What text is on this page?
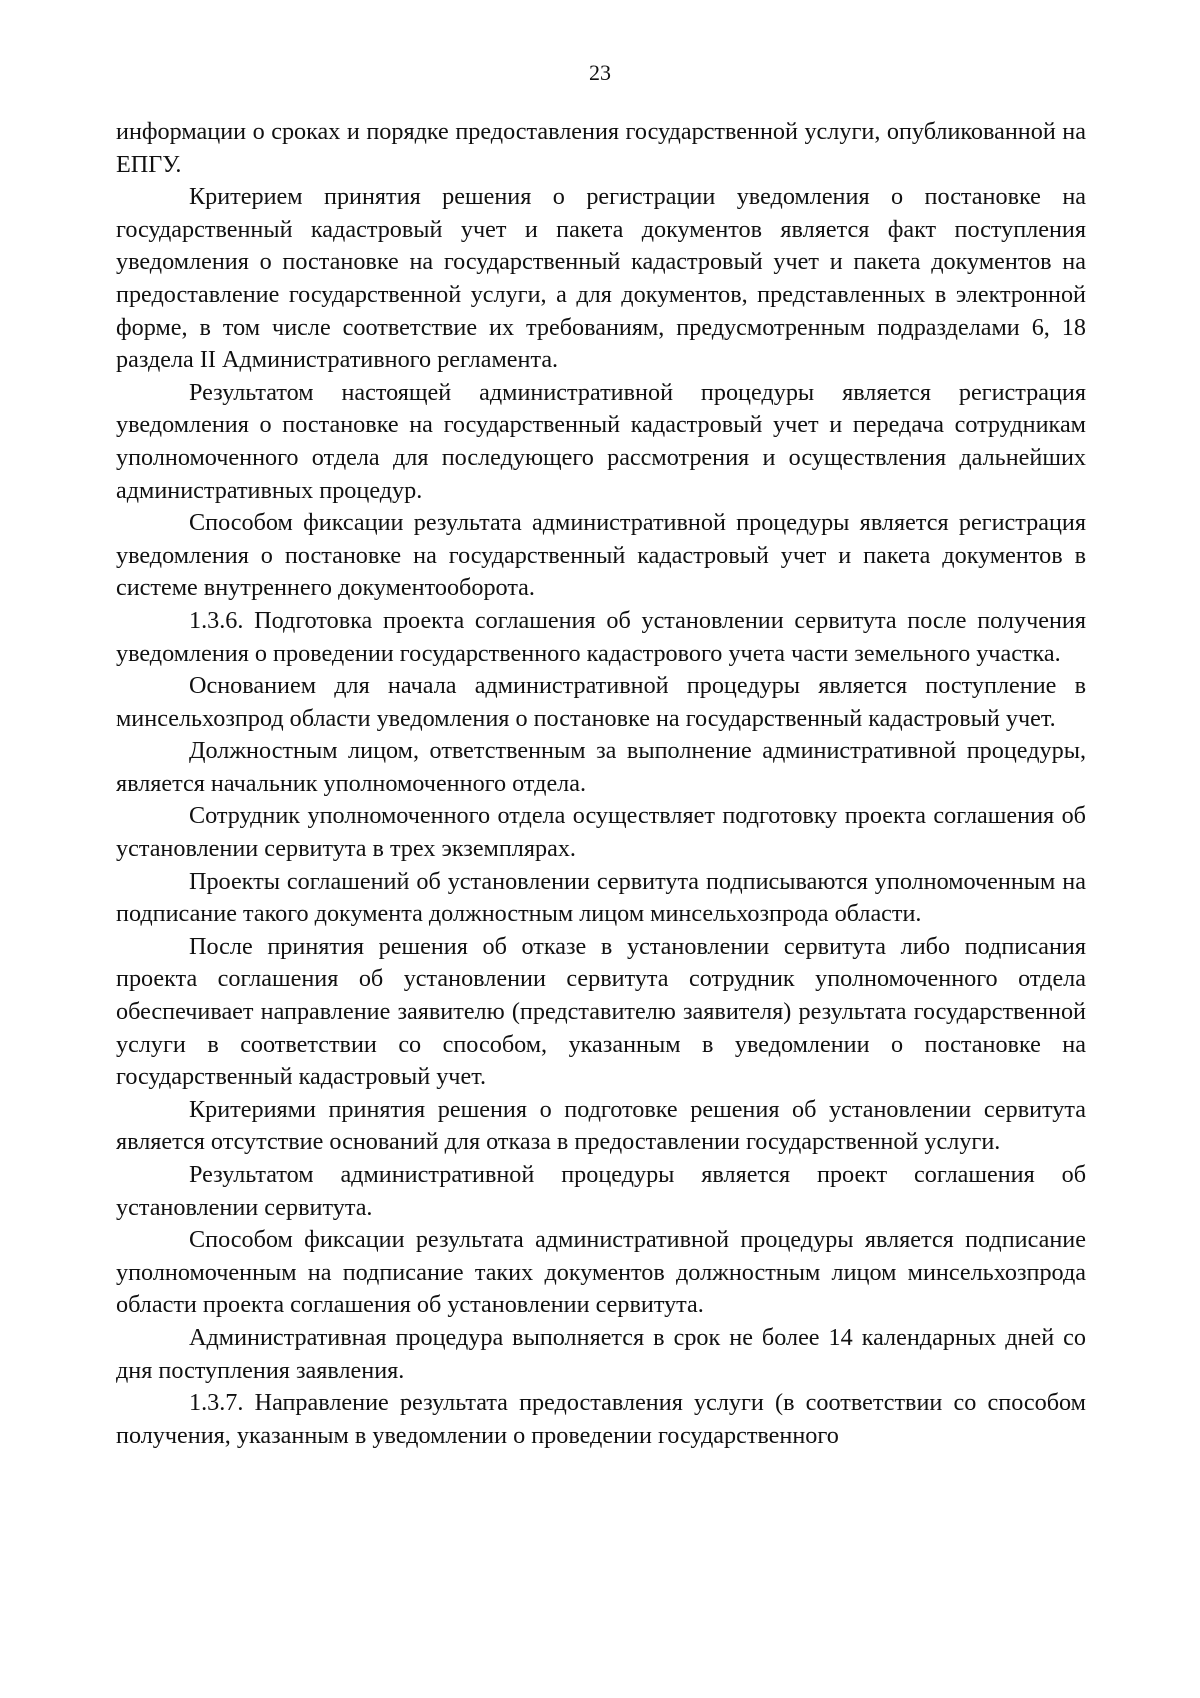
23

информации о сроках и порядке предоставления государственной услуги, опубликованной на ЕПГУ.

Критерием принятия решения о регистрации уведомления о постановке на государственный кадастровый учет и пакета документов является факт поступления уведомления о постановке на государственный кадастровый учет и пакета документов на предоставление государственной услуги, а для документов, представленных в электронной форме, в том числе соответствие их требованиям, предусмотренным подразделами 6, 18 раздела II Административного регламента.

Результатом настоящей административной процедуры является регистрация уведомления о постановке на государственный кадастровый учет и передача сотрудникам уполномоченного отдела для последующего рассмотрения и осуществления дальнейших административных процедур.

Способом фиксации результата административной процедуры является регистрация уведомления о постановке на государственный кадастровый учет и пакета документов в системе внутреннего документооборота.

1.3.6. Подготовка проекта соглашения об установлении сервитута после получения уведомления о проведении государственного кадастрового учета части земельного участка.

Основанием для начала административной процедуры является поступление в минсельхозпрод области уведомления о постановке на государственный кадастровый учет.

Должностным лицом, ответственным за выполнение административной процедуры, является начальник уполномоченного отдела.

Сотрудник уполномоченного отдела осуществляет подготовку проекта соглашения об установлении сервитута в трех экземплярах.

Проекты соглашений об установлении сервитута подписываются уполномоченным на подписание такого документа должностным лицом минсельхозпрода области.

После принятия решения об отказе в установлении сервитута либо подписания проекта соглашения об установлении сервитута сотрудник уполномоченного отдела обеспечивает направление заявителю (представителю заявителя) результата государственной услуги в соответствии со способом, указанным в уведомлении о постановке на государственный кадастровый учет.

Критериями принятия решения о подготовке решения об установлении сервитута является отсутствие оснований для отказа в предоставлении государственной услуги.

Результатом административной процедуры является проект соглашения об установлении сервитута.

Способом фиксации результата административной процедуры является подписание уполномоченным на подписание таких документов должностным лицом минсельхозпрода области проекта соглашения об установлении сервитута.

Административная процедура выполняется в срок не более 14 календарных дней со дня поступления заявления.

1.3.7. Направление результата предоставления услуги (в соответствии со способом получения, указанным в уведомлении о проведении государственного
